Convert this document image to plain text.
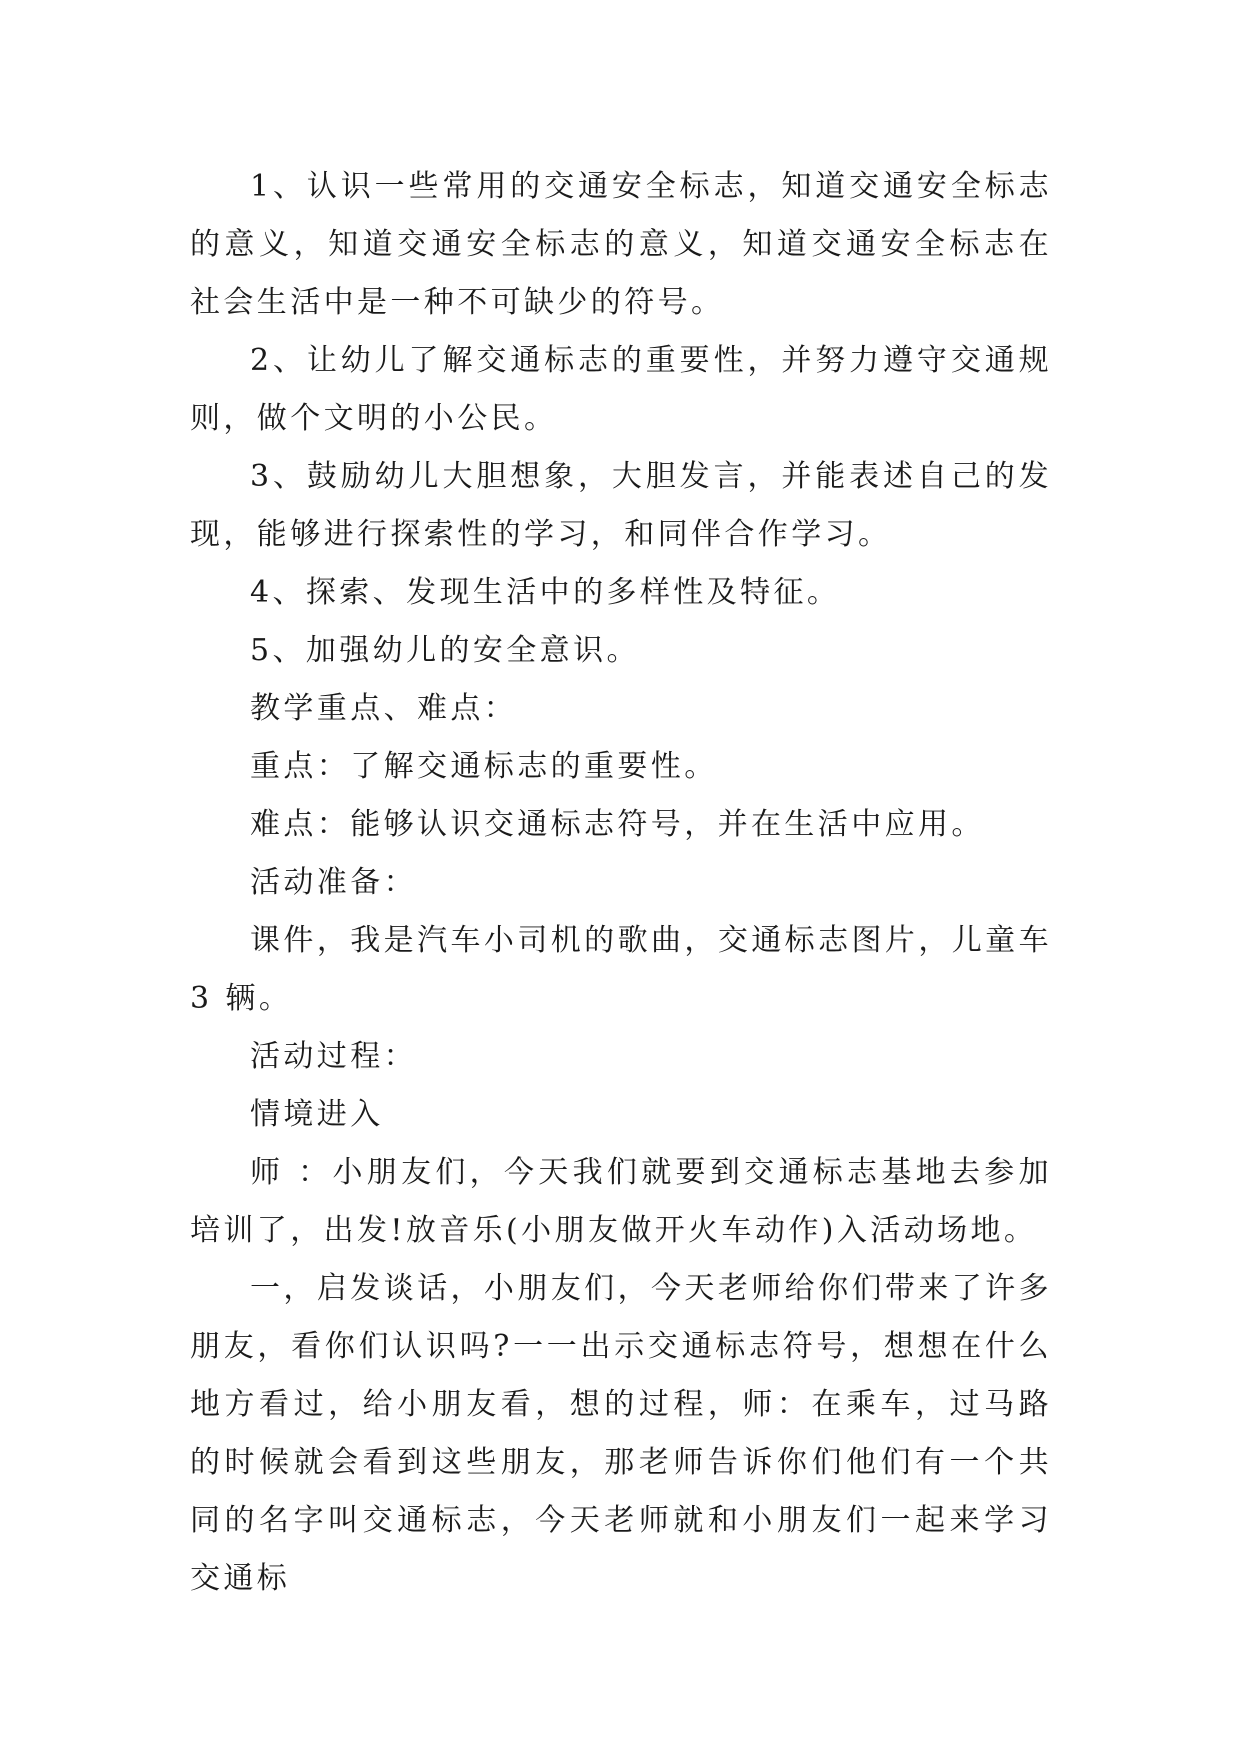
1、认识一些常用的交通安全标志，知道交通安全标志的意义，知道交通安全标志的意义，知道交通安全标志在社会生活中是一种不可缺少的符号。

2、让幼儿了解交通标志的重要性，并努力遵守交通规则，做个文明的小公民。

3、鼓励幼儿大胆想象，大胆发言，并能表述自己的发现，能够进行探索性的学习，和同伴合作学习。

4、探索、发现生活中的多样性及特征。

5、加强幼儿的安全意识。

教学重点、难点：

重点：了解交通标志的重要性。

难点：能够认识交通标志符号，并在生活中应用。

活动准备：

课件，我是汽车小司机的歌曲，交通标志图片，儿童车 3 辆。

活动过程：

情境进入

师 ：小朋友们，今天我们就要到交通标志基地去参加培训了，出发!放音乐(小朋友做开火车动作)入活动场地。

一，启发谈话，小朋友们，今天老师给你们带来了许多朋友，看你们认识吗?一一出示交通标志符号，想想在什么地方看过，给小朋友看，想的过程，师：在乘车，过马路的时候就会看到这些朋友，那老师告诉你们他们有一个共同的名字叫交通标志，今天老师就和小朋友们一起来学习交通标
